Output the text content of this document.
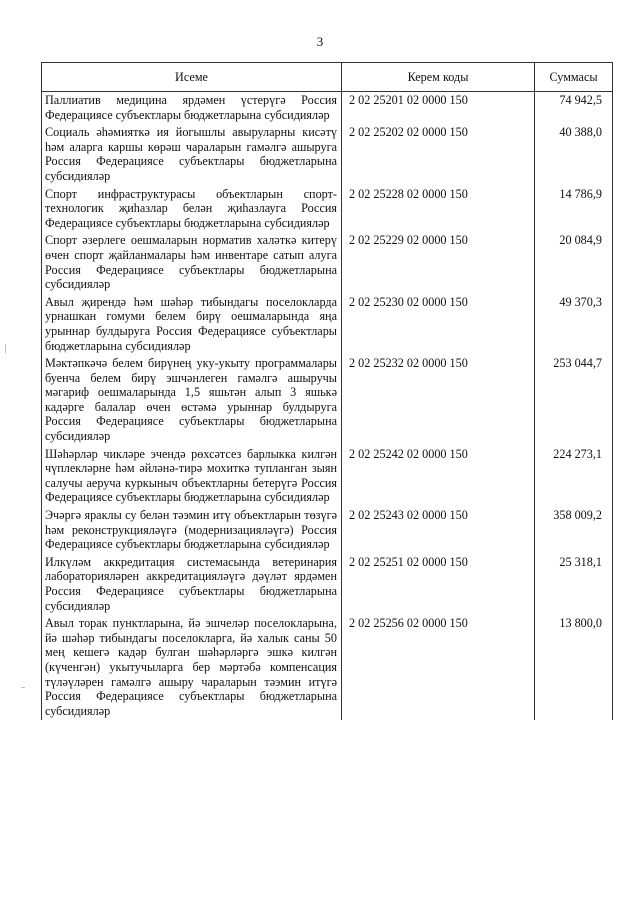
3
Исеме	Керем коды	Суммасы
Паллиатив медицина ярдәмен үстерүгә Россия Федерациясе субъектлары бюджетларына субсидияләр	2 02 25201 02 0000 150	74 942,5
Социаль әһәмияткә ия йогышлы авыруларны кисәтү һәм аларга каршы көрәш чараларын гамәлгә ашыруга Россия Федерациясе субъектлары бюджетларына субсидияләр	2 02 25202 02 0000 150	40 388,0
Спорт инфраструктурасы объектларын спорт-технологик җиһазлар белән җиһазлауга Россия Федерациясе субъектлары бюджетларына субсидияләр	2 02 25228 02 0000 150	14 786,9
Спорт әзерлеге оешмаларын норматив халәткә китерү өчен спорт җайланмалары һәм инвентаре сатып алуга Россия Федерациясе субъектлары бюджетларына субсидияләр	2 02 25229 02 0000 150	20 084,9
Авыл җирендә һәм шәһәр тибындагы поселокларда урнашкан гомуми белем бирү оешмаларында яңа урыннар булдыруга Россия Федерациясе субъектлары бюджетларына субсидияләр	2 02 25230 02 0000 150	49 370,3
Мәктәпкәчә белем бирүнең уку-укыту программалары буенча белем бирү эшчәнлеген гамәлгә ашыручы мәгариф оешмаларында 1,5 яшьтән алып 3 яшькә кадәрге балалар өчен өстәмә урыннар булдыруга Россия Федерациясе субъектлары бюджетларына субсидияләр	2 02 25232 02 0000 150	253 044,7
Шәһәрләр чикләре эчендә рөхсәтсез барлыкка килгән чүплекләрне һәм әйләнә-тирә мохиткә тупланган зыян салучы аеруча куркыныч объектларны бетерүгә Россия Федерациясе субъектлары бюджетларына субсидияләр	2 02 25242 02 0000 150	224 273,1
Эчәргә яраклы су белән тәэмин итү объектларын төзүгә һәм реконструкцияләүгә (модернизацияләүгә) Россия Федерациясе субъектлары бюджетларына субсидияләр	2 02 25243 02 0000 150	358 009,2
Илкүләм аккредитация системасында ветеринария лабораторияләрен аккредитацияләүгә дәүләт ярдәмен Россия Федерациясе субъектлары бюджетларына субсидияләр	2 02 25251 02 0000 150	25 318,1
Авыл торак пунктларына, йә эшчеләр поселокларына, йә шәһәр тибындагы поселокларга, йә халык саны 50 мең кешегә кадәр булган шәһәрләргә эшкә килгән (күченгән) укытучыларга бер мәртәбә компенсация түләүләрен гамәлгә ашыру чараларын тәэмин итүгә Россия Федерациясе субъектлары бюджетларына субсидияләр	2 02 25256 02 0000 150	13 800,0
